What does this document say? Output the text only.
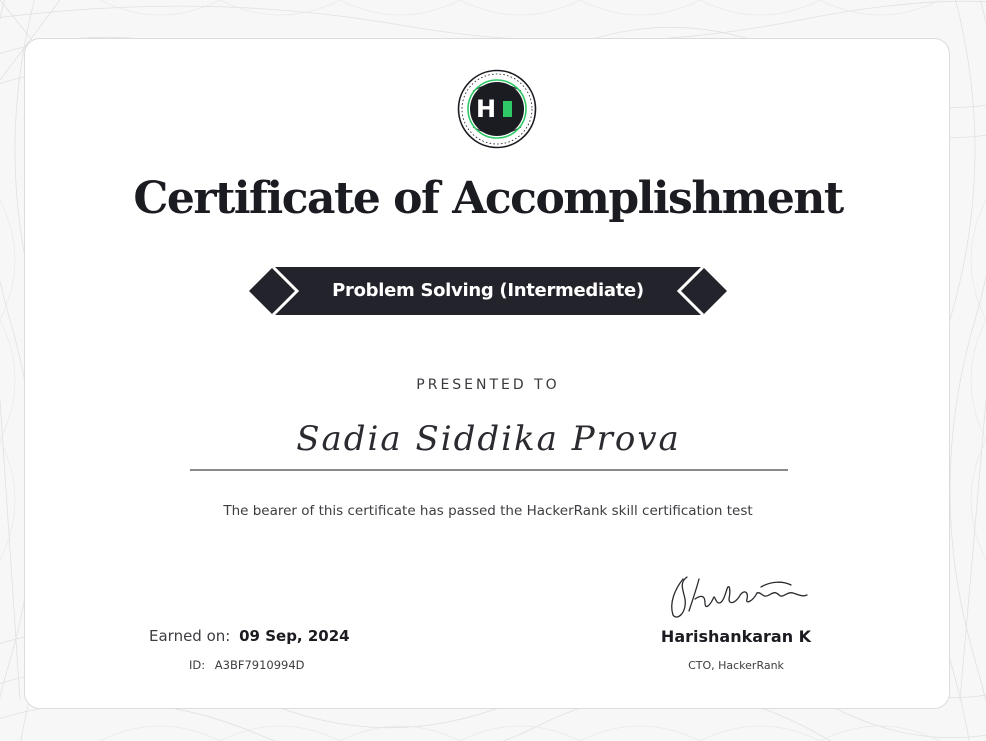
H
Certificate of Accomplishment
Problem Solving (Intermediate)
PRESENTED TO
Sadia Siddika Prova
The bearer of this certificate has passed the HackerRank skill certification test
Earned on: 09 Sep, 2024
ID: A3BF7910994D
Harishankaran K
CTO, HackerRank
